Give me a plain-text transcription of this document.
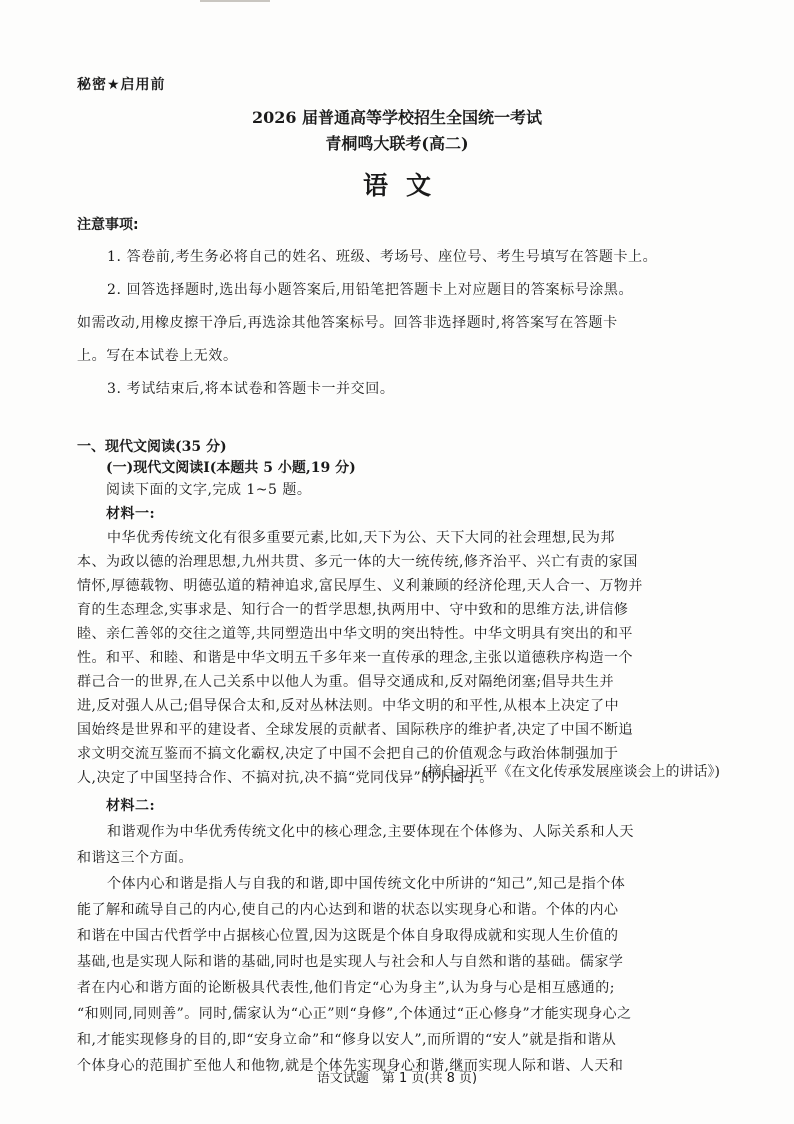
秘密★启用前
2026 届普通高等学校招生全国统一考试
青桐鸣大联考(高二)
语文
注意事项:

1. 答卷前,考生务必将自己的姓名、班级、考场号、座位号、考生号填写在答题卡上。

2. 回答选择题时,选出每小题答案后,用铅笔把答题卡上对应题目的答案标号涂黑。

如需改动,用橡皮擦干净后,再选涂其他答案标号。回答非选择题时,将答案写在答题卡

上。写在本试卷上无效。

3. 考试结束后,将本试卷和答题卡一并交回。

一、现代文阅读(35 分)
(一)现代文阅读Ⅰ(本题共 5 小题,19 分)

阅读下面的文字,完成 1~5 题。

材料一:

中华优秀传统文化有很多重要元素,比如,天下为公、天下大同的社会理想,民为邦

本、为政以德的治理思想,九州共贯、多元一体的大一统传统,修齐治平、兴亡有责的家国

情怀,厚德载物、明德弘道的精神追求,富民厚生、义利兼顾的经济伦理,天人合一、万物并

育的生态理念,实事求是、知行合一的哲学思想,执两用中、守中致和的思维方法,讲信修

睦、亲仁善邻的交往之道等,共同塑造出中华文明的突出特性。中华文明具有突出的和平

性。和平、和睦、和谐是中华文明五千多年来一直传承的理念,主张以道德秩序构造一个

群己合一的世界,在人己关系中以他人为重。倡导交通成和,反对隔绝闭塞;倡导共生并

进,反对强人从己;倡导保合太和,反对丛林法则。中华文明的和平性,从根本上决定了中

国始终是世界和平的建设者、全球发展的贡献者、国际秩序的维护者,决定了中国不断追

求文明交流互鉴而不搞文化霸权,决定了中国不会把自己的价值观念与政治体制强加于

人,决定了中国坚持合作、不搞对抗,决不搞“党同伐异”的小圈子。

(摘自习近平《在文化传承发展座谈会上的讲话》)

材料二:

和谐观作为中华优秀传统文化中的核心理念,主要体现在个体修为、人际关系和人天

和谐这三个方面。

个体内心和谐是指人与自我的和谐,即中国传统文化中所讲的“知己”,知己是指个体

能了解和疏导自己的内心,使自己的内心达到和谐的状态以实现身心和谐。个体的内心

和谐在中国古代哲学中占据核心位置,因为这既是个体自身取得成就和实现人生价值的

基础,也是实现人际和谐的基础,同时也是实现人与社会和人与自然和谐的基础。儒家学

者在内心和谐方面的论断极具代表性,他们肯定“心为身主”,认为身与心是相互感通的;

“和则同,同则善”。同时,儒家认为“心正”则“身修”,个体通过“正心修身”才能实现身心之

和,才能实现修身的目的,即“安身立命”和“修身以安人”,而所谓的“安人”就是指和谐从

个体身心的范围扩至他人和他物,就是个体先实现身心和谐,继而实现人际和谐、人天和

语文试题　第 1 页(共 8 页)
